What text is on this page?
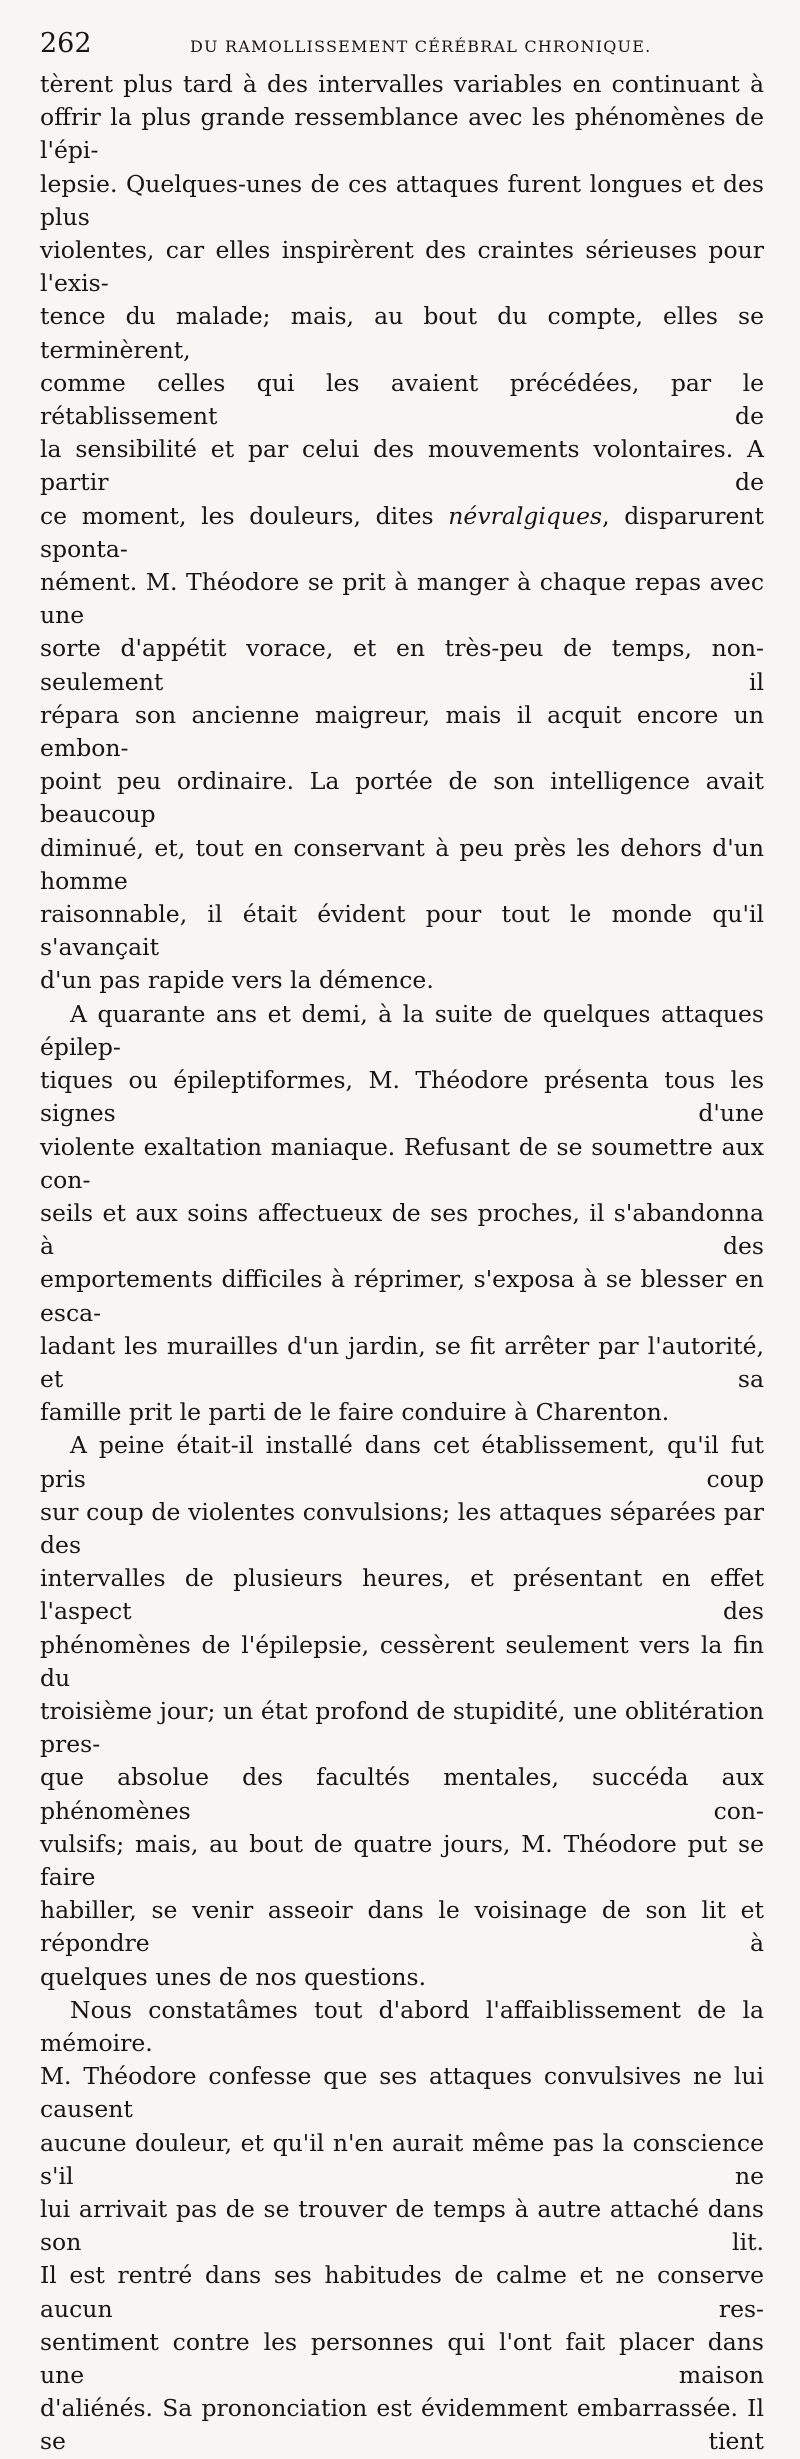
262	DU RAMOLLISSEMENT CÉRÉBRAL CHRONIQUE.

tèrent plus tard à des intervalles variables en continuant à

offrir la plus grande ressemblance avec les phénomènes de l'épi-

lepsie. Quelques-unes de ces attaques furent longues et des plus

violentes, car elles inspirèrent des craintes sérieuses pour l'exis-

tence du malade; mais, au bout du compte, elles se terminèrent,

comme celles qui les avaient précédées, par le rétablissement de

la sensibilité et par celui des mouvements volontaires. A partir de

ce moment, les douleurs, dites névralgiques, disparurent sponta-

nément. M. Théodore se prit à manger à chaque repas avec une

sorte d'appétit vorace, et en très-peu de temps, non-seulement il

répara son ancienne maigreur, mais il acquit encore un embon-

point peu ordinaire. La portée de son intelligence avait beaucoup

diminué, et, tout en conservant à peu près les dehors d'un homme

raisonnable, il était évident pour tout le monde qu'il s'avançait

d'un pas rapide vers la démence.

A quarante ans et demi, à la suite de quelques attaques épilep-

tiques ou épileptiformes, M. Théodore présenta tous les signes d'une

violente exaltation maniaque. Refusant de se soumettre aux con-

seils et aux soins affectueux de ses proches, il s'abandonna à des

emportements difficiles à réprimer, s'exposa à se blesser en esca-

ladant les murailles d'un jardin, se fit arrêter par l'autorité, et sa

famille prit le parti de le faire conduire à Charenton.

A peine était-il installé dans cet établissement, qu'il fut pris coup

sur coup de violentes convulsions; les attaques séparées par des

intervalles de plusieurs heures, et présentant en effet l'aspect des

phénomènes de l'épilepsie, cessèrent seulement vers la fin du

troisième jour; un état profond de stupidité, une oblitération pres-

que absolue des facultés mentales, succéda aux phénomènes con-

vulsifs; mais, au bout de quatre jours, M. Théodore put se faire

habiller, se venir asseoir dans le voisinage de son lit et répondre à

quelques unes de nos questions.

Nous constatâmes tout d'abord l'affaiblissement de la mémoire.

M. Théodore confesse que ses attaques convulsives ne lui causent

aucune douleur, et qu'il n'en aurait même pas la conscience s'il ne

lui arrivait pas de se trouver de temps à autre attaché dans son lit.

Il est rentré dans ses habitudes de calme et ne conserve aucun res-

sentiment contre les personnes qui l'ont fait placer dans une maison

d'aliénés. Sa prononciation est évidemment embarrassée. Il se tient
